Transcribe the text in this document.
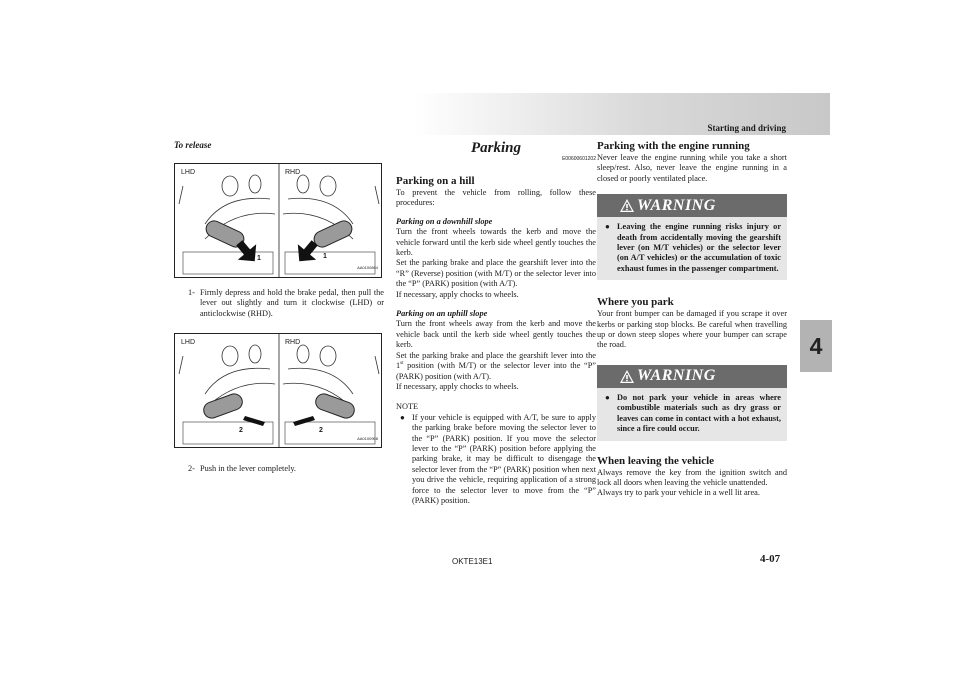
Starting and driving
4
To release
LHD	RHD
1	1
AA0100894
1- Firmly depress and hold the brake pedal, then pull the lever out slightly and turn it clockwise (LHD) or anticlockwise (RHD).
LHD	RHD
2	2
AA0100908
2- Push in the lever completely.
Parking
E00600601202
Parking on a hill

To prevent the vehicle from rolling, follow these procedures:

Parking on a downhill slope

Turn the front wheels towards the kerb and move the vehicle forward until the kerb side wheel gently touches the kerb.

Set the parking brake and place the gearshift lever into the “R” (Reverse) position (with M/T) or the selector lever into the “P” (PARK) position (with A/T).

If necessary, apply chocks to wheels.

Parking on an uphill slope

Turn the front wheels away from the kerb and move the vehicle back until the kerb side wheel gently touches the kerb.

Set the parking brake and place the gearshift lever into the 1st position (with M/T) or the selector lever into the “P” (PARK) position (with A/T).

If necessary, apply chocks to wheels.

NOTE
● If your vehicle is equipped with A/T, be sure to apply the parking brake before moving the selector lever to the “P” (PARK) position. If you move the selector lever to the “P” (PARK) position before applying the parking brake, it may be difficult to disengage the selector lever from the “P” (PARK) position when next you drive the vehicle, requiring application of a strong force to the selector lever to move from the “P” (PARK) position.
Parking with the engine running

Never leave the engine running while you take a short sleep/rest. Also, never leave the engine running in a closed or poorly ventilated place.

WARNING
● Leaving the engine running risks injury or death from accidentally moving the gearshift lever (on M/T vehicles) or the selector lever (on A/T vehicles) or the accumulation of toxic exhaust fumes in the passenger compartment.
Where you park

Your front bumper can be damaged if you scrape it over kerbs or parking stop blocks. Be careful when travelling up or down steep slopes where your bumper can scrape the road.

WARNING
● Do not park your vehicle in areas where combustible materials such as dry grass or leaves can come in contact with a hot exhaust, since a fire could occur.
When leaving the vehicle

Always remove the key from the ignition switch and lock all doors when leaving the vehicle unattended.

Always try to park your vehicle in a well lit area.

OKTE13E1	4-07
